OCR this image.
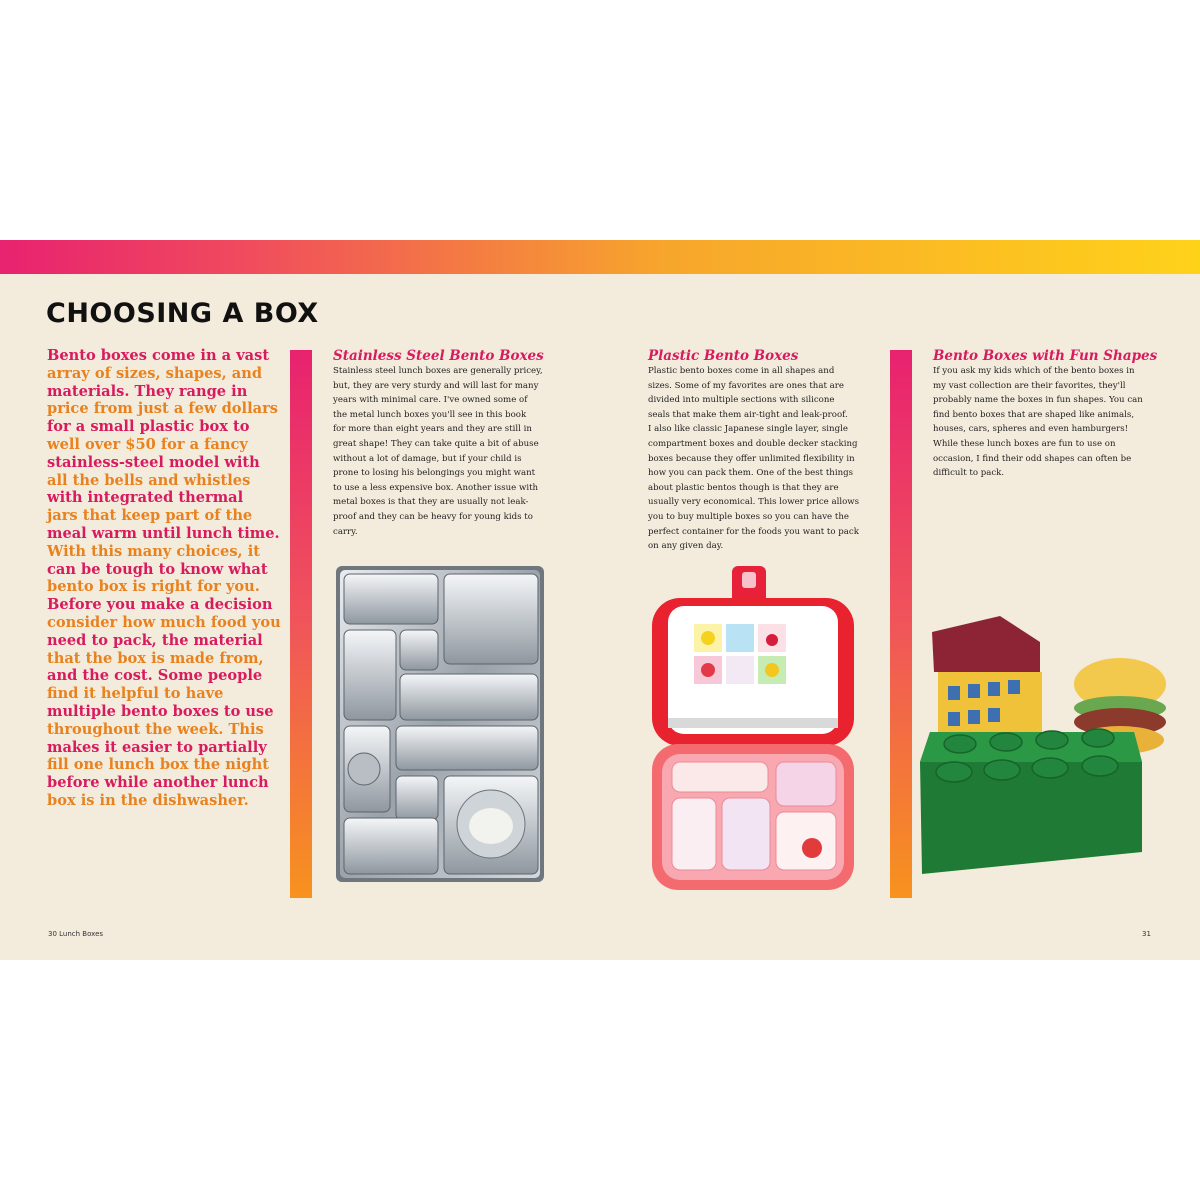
CHOOSING A BOX

Bento boxes come in a vast
array of sizes, shapes, and
materials. They range in
price from just a few dollars
for a small plastic box to
well over $50 for a fancy
stainless-steel model with
all the bells and whistles
with integrated thermal
jars that keep part of the
meal warm until lunch time.
With this many choices, it
can be tough to know what
bento box is right for you.
Before you make a decision
consider how much food you
need to pack, the material
that the box is made from,
and the cost. Some people
find it helpful to have
multiple bento boxes to use
throughout the week. This
makes it easier to partially
fill one lunch box the night
before while another lunch
box is in the dishwasher.

Stainless Steel Bento Boxes
Stainless steel lunch boxes are generally pricey,
but, they are very sturdy and will last for many
years with minimal care. I've owned some of
the metal lunch boxes you'll see in this book
for more than eight years and they are still in
great shape! They can take quite a bit of abuse
without a lot of damage, but if your child is
prone to losing his belongings you might want
to use a less expensive box. Another issue with
metal boxes is that they are usually not leak-
proof and they can be heavy for young kids to
carry.
Plastic Bento Boxes
Plastic bento boxes come in all shapes and
sizes. Some of my favorites are ones that are
divided into multiple sections with silicone
seals that make them air-tight and leak-proof.
I also like classic Japanese single layer, single
compartment boxes and double decker stacking
boxes because they offer unlimited flexibility in
how you can pack them. One of the best things
about plastic bentos though is that they are
usually very economical. This lower price allows
you to buy multiple boxes so you can have the
perfect container for the foods you want to pack
on any given day.
Bento Boxes with Fun Shapes
If you ask my kids which of the bento boxes in
my vast collection are their favorites, they'll
probably name the boxes in fun shapes. You can
find bento boxes that are shaped like animals,
houses, cars, spheres and even hamburgers!
While these lunch boxes are fun to use on
occasion, I find their odd shapes can often be
difficult to pack.
30 Lunch Boxes	31
